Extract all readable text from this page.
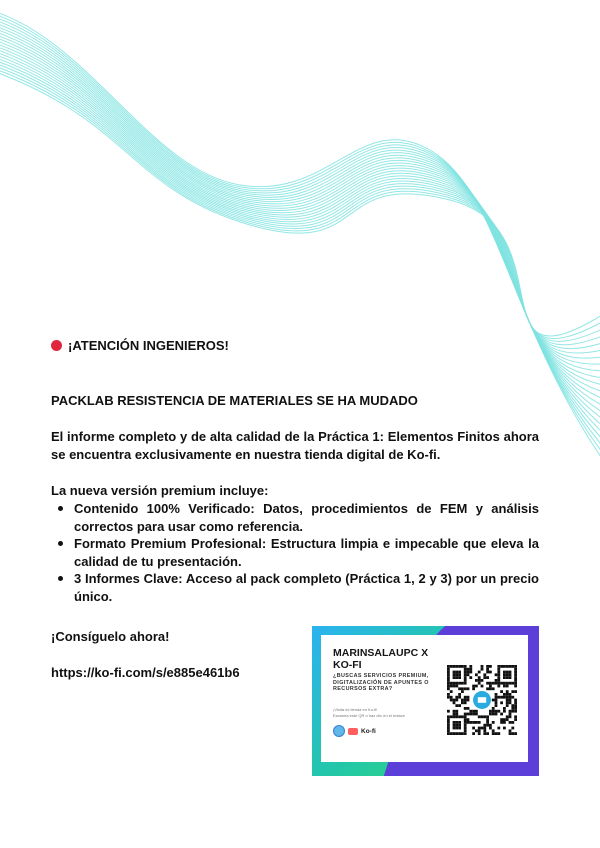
¡ATENCIÓN INGENIEROS!
PACKLAB RESISTENCIA DE MATERIALES SE HA MUDADO
El informe completo y de alta calidad de la Práctica 1: Elementos Finitos ahora se encuentra exclusivamente en nuestra tienda digital de Ko-fi.
La nueva versión premium incluye:
Contenido 100% Verificado: Datos, procedimientos de FEM y análisis correctos para usar como referencia.
Formato Premium Profesional: Estructura limpia e impecable que eleva la calidad de tu presentación.
3 Informes Clave: Acceso al pack completo (Práctica 1, 2 y 3) por un precio único.
¡Consíguelo ahora!
https://ko-fi.com/s/e885e461b6
MARINSALAUPC X KO-FI
¿BUSCAS SERVICIOS PREMIUM, DIGITALIZACIÓN DE APUNTES O RECURSOS EXTRA?
¡Visita mi tienda en Ko-fi!
Escanea este QR o haz clic en el enlace
Ko-fi
